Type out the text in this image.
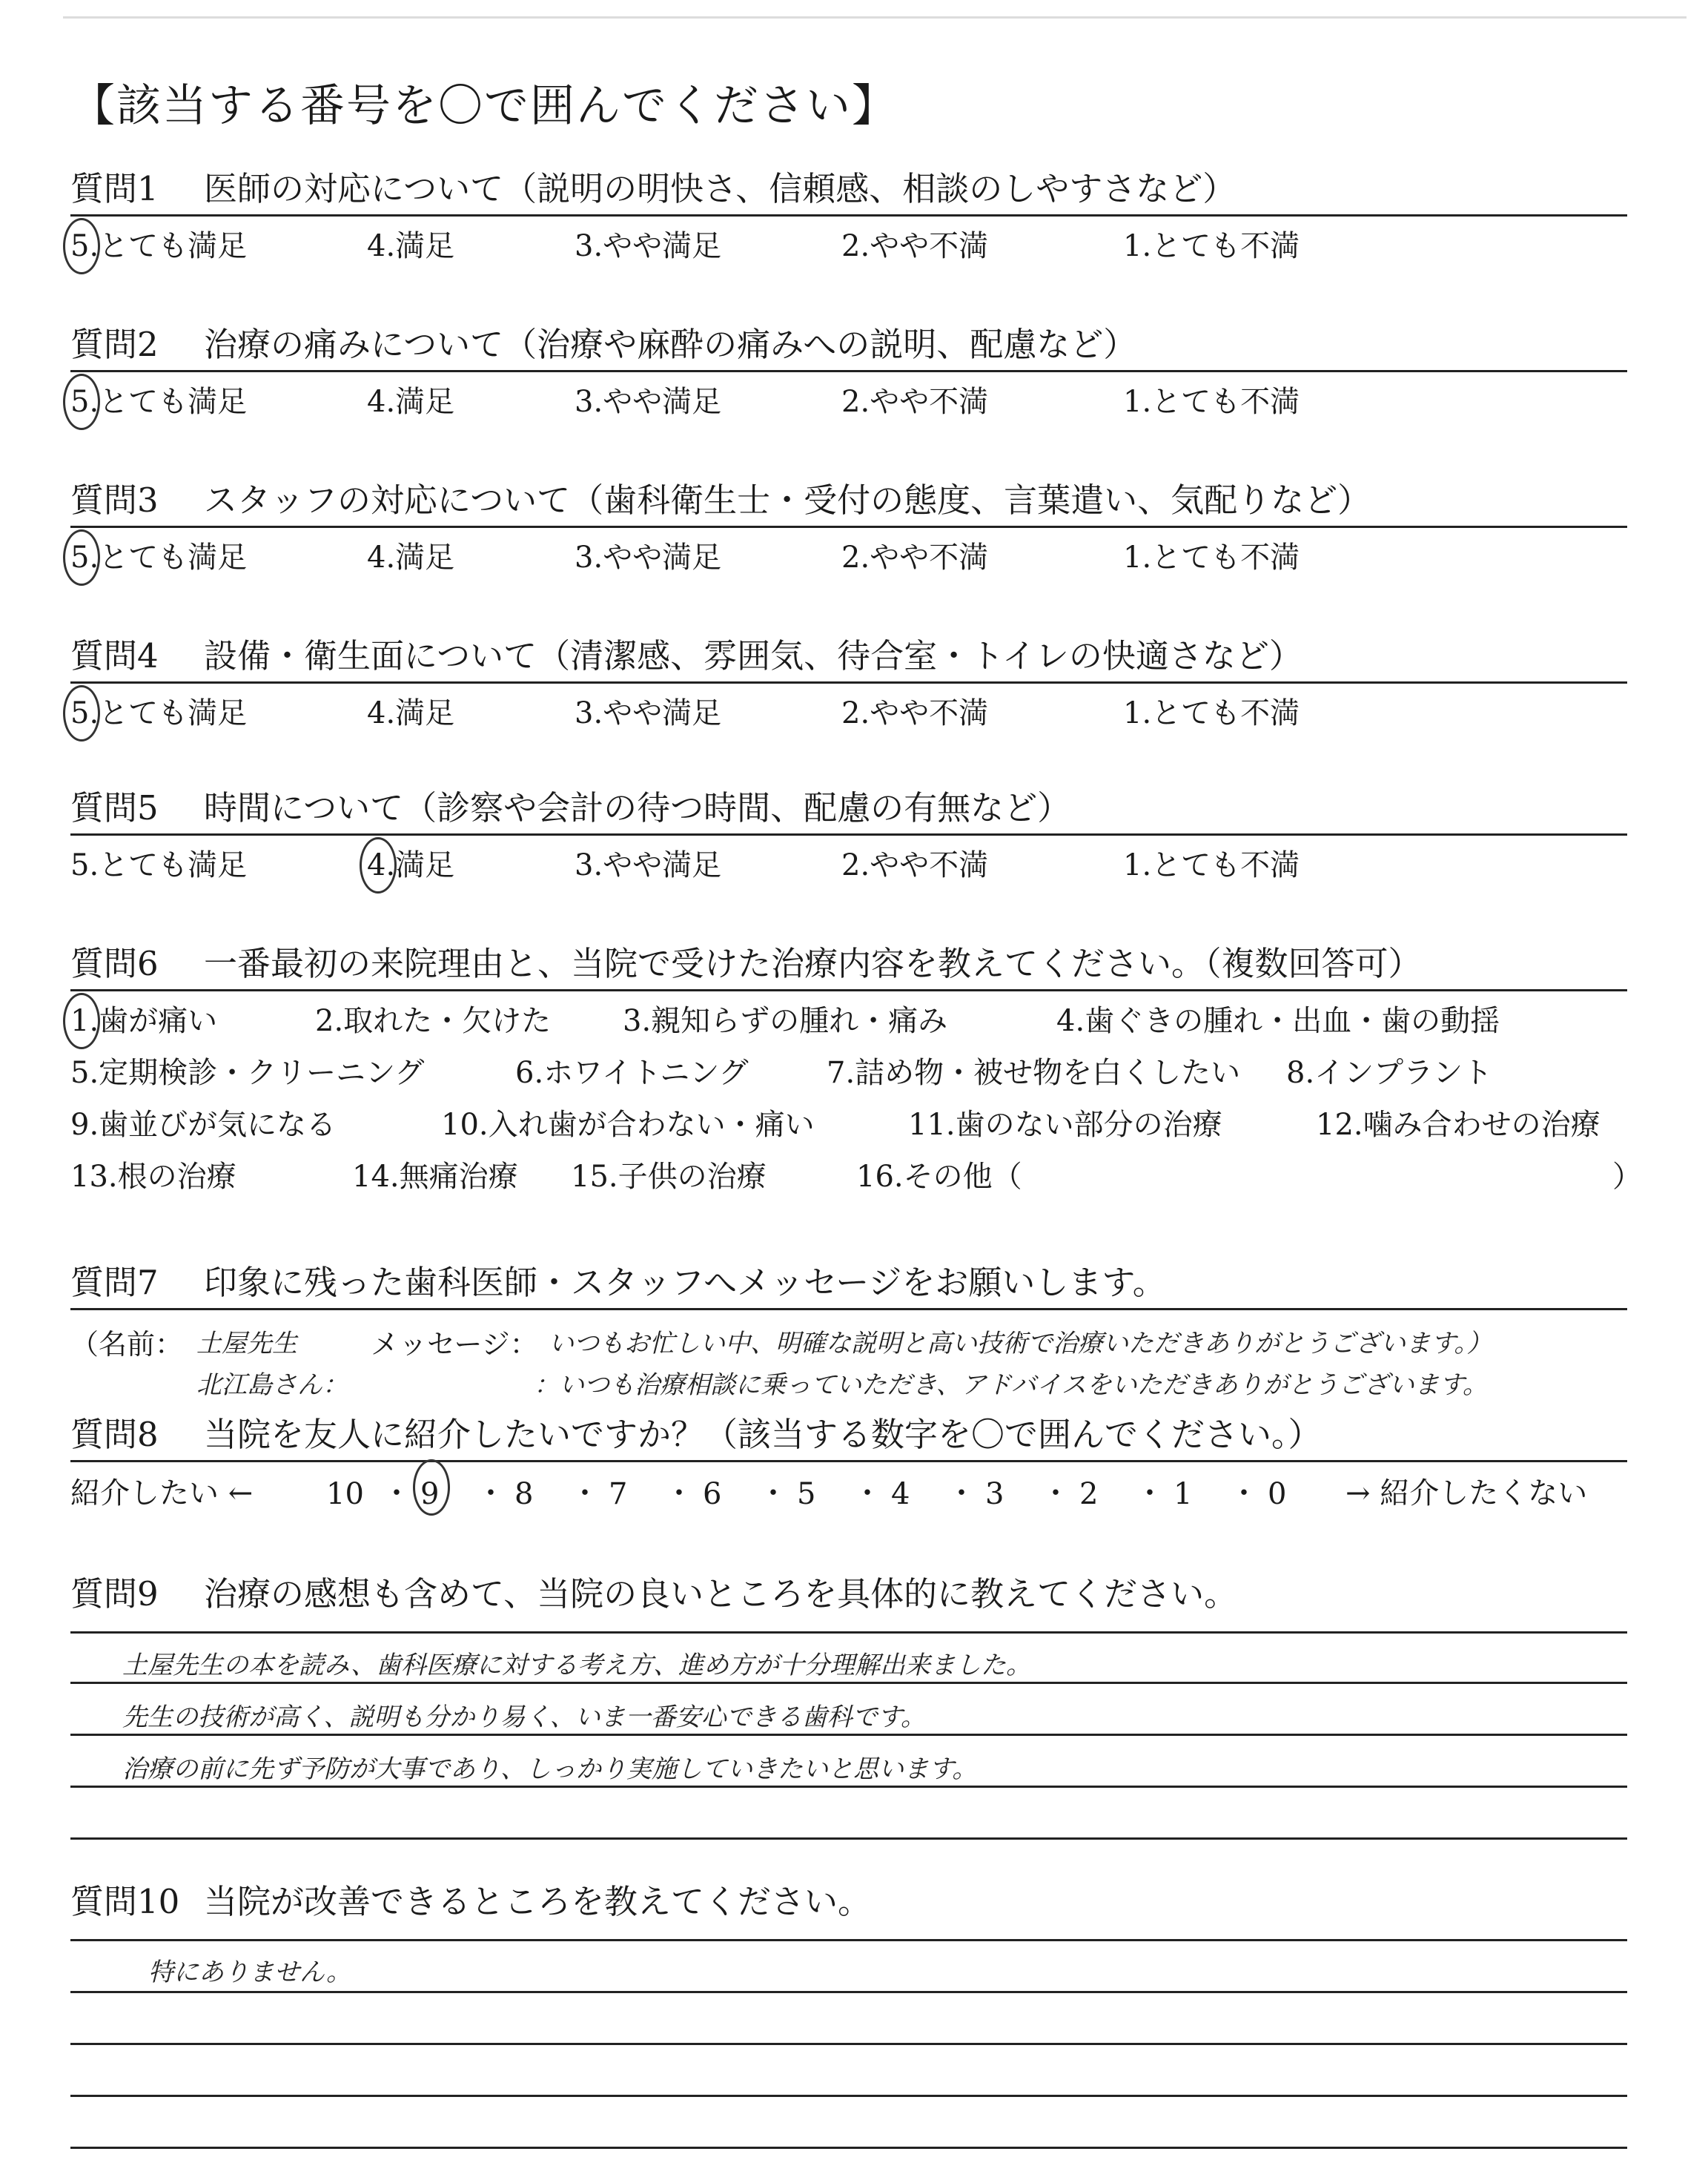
【該当する番号を〇で囲んでください】
質問1 医師の対応について（説明の明快さ、信頼感、相談のしやすさなど）
5.とても満足	4.満足	3.やや満足	2.やや不満	1.とても不満
質問2 治療の痛みについて（治療や麻酔の痛みへの説明、配慮など）
5.とても満足	4.満足	3.やや満足	2.やや不満	1.とても不満
質問3 スタッフの対応について（歯科衛生士・受付の態度、言葉遣い、気配りなど）
5.とても満足	4.満足	3.やや満足	2.やや不満	1.とても不満
質問4 設備・衛生面について（清潔感、雰囲気、待合室・トイレの快適さなど）
5.とても満足	4.満足	3.やや満足	2.やや不満	1.とても不満
質問5 時間について（診察や会計の待つ時間、配慮の有無など）
5.とても満足	4.満足	3.やや満足	2.やや不満	1.とても不満
質問6 一番最初の来院理由と、当院で受けた治療内容を教えてください。（複数回答可）
1.歯が痛い	2.取れた・欠けた 3.親知らずの腫れ・痛み	4.歯ぐきの腫れ・出血・歯の動揺
5.定期検診・クリーニング	6.ホワイトニング	7.詰め物・被せ物を白くしたい 8.インプラント
9.歯並びが気になる	10.入れ歯が合わない・痛い	11.歯のない部分の治療	12.噛み合わせの治療
13.根の治療	14.無痛治療 15.子供の治療	16.その他（	）
質問7 印象に残った歯科医師・スタッフへメッセージをお願いします。
（名前： 土屋先生	メッセージ： いつもお忙しい中、明確な説明と高い技術で治療いただきありがとうございます。）
北江島さん：	：いつも治療相談に乗っていただき、アドバイスをいただきありがとうございます。
質問8 当院を友人に紹介したいですか？（該当する数字を〇で囲んでください。）
紹介したい ← 10 ・ 9 ・ 8 ・ 7 ・ 6 ・ 5 ・ 4 ・ 3 ・ 2 ・ 1 ・ 0 → 紹介したくない
質問9 治療の感想も含めて、当院の良いところを具体的に教えてください。
土屋先生の本を読み、歯科医療に対する考え方、進め方が十分理解出来ました。
先生の技術が高く、説明も分かり易く、いま一番安心できる歯科です。
治療の前に先ず予防が大事であり、しっかり実施していきたいと思います。
質問10 当院が改善できるところを教えてください。
特にありません。
